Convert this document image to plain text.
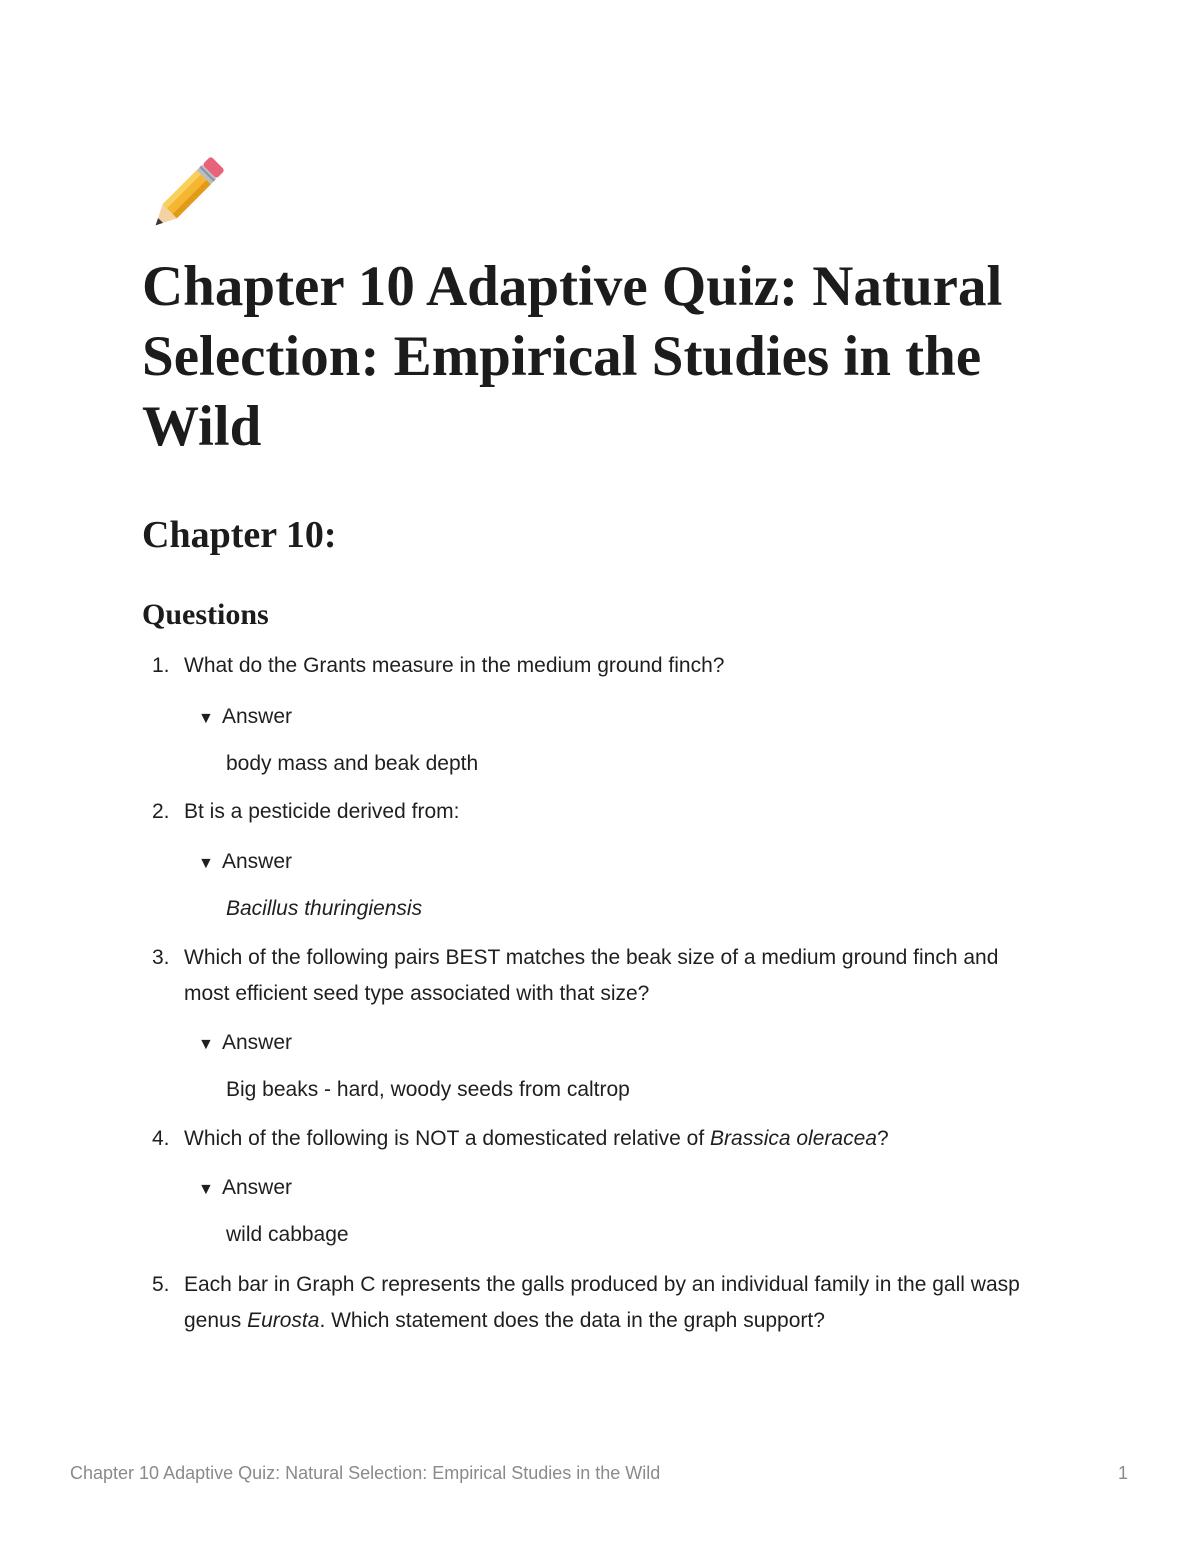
Chapter 10 Adaptive Quiz: Natural Selection: Empirical Studies in the Wild
Chapter 10:
Questions

1. What do the Grants measure in the medium ground finch?

▼ Answer

body mass and beak depth

2. Bt is a pesticide derived from:

▼ Answer

Bacillus thuringiensis

3. Which of the following pairs BEST matches the beak size of a medium ground finch and

most efficient seed type associated with that size?

▼ Answer

Big beaks - hard, woody seeds from caltrop

4. Which of the following is NOT a domesticated relative of Brassica oleracea?

▼ Answer

wild cabbage

5. Each bar in Graph C represents the galls produced by an individual family in the gall wasp

genus Eurosta. Which statement does the data in the graph support?

Chapter 10 Adaptive Quiz: Natural Selection: Empirical Studies in the Wild	1
